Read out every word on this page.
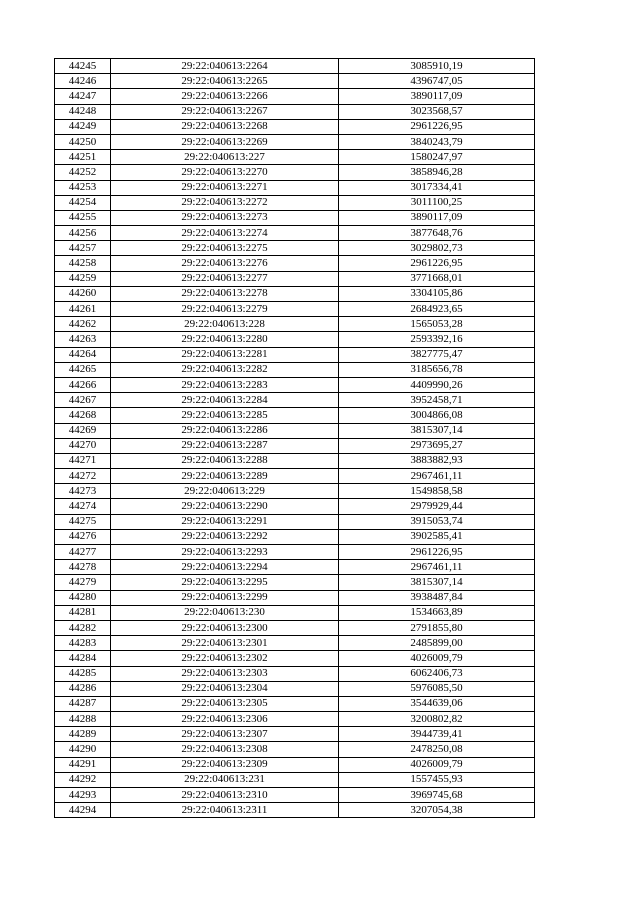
44245	29:22:040613:2264	3085910,19
44246	29:22:040613:2265	4396747,05
44247	29:22:040613:2266	3890117,09
44248	29:22:040613:2267	3023568,57
44249	29:22:040613:2268	2961226,95
44250	29:22:040613:2269	3840243,79
44251	29:22:040613:227	1580247,97
44252	29:22:040613:2270	3858946,28
44253	29:22:040613:2271	3017334,41
44254	29:22:040613:2272	3011100,25
44255	29:22:040613:2273	3890117,09
44256	29:22:040613:2274	3877648,76
44257	29:22:040613:2275	3029802,73
44258	29:22:040613:2276	2961226,95
44259	29:22:040613:2277	3771668,01
44260	29:22:040613:2278	3304105,86
44261	29:22:040613:2279	2684923,65
44262	29:22:040613:228	1565053,28
44263	29:22:040613:2280	2593392,16
44264	29:22:040613:2281	3827775,47
44265	29:22:040613:2282	3185656,78
44266	29:22:040613:2283	4409990,26
44267	29:22:040613:2284	3952458,71
44268	29:22:040613:2285	3004866,08
44269	29:22:040613:2286	3815307,14
44270	29:22:040613:2287	2973695,27
44271	29:22:040613:2288	3883882,93
44272	29:22:040613:2289	2967461,11
44273	29:22:040613:229	1549858,58
44274	29:22:040613:2290	2979929,44
44275	29:22:040613:2291	3915053,74
44276	29:22:040613:2292	3902585,41
44277	29:22:040613:2293	2961226,95
44278	29:22:040613:2294	2967461,11
44279	29:22:040613:2295	3815307,14
44280	29:22:040613:2299	3938487,84
44281	29:22:040613:230	1534663,89
44282	29:22:040613:2300	2791855,80
44283	29:22:040613:2301	2485899,00
44284	29:22:040613:2302	4026009,79
44285	29:22:040613:2303	6062406,73
44286	29:22:040613:2304	5976085,50
44287	29:22:040613:2305	3544639,06
44288	29:22:040613:2306	3200802,82
44289	29:22:040613:2307	3944739,41
44290	29:22:040613:2308	2478250,08
44291	29:22:040613:2309	4026009,79
44292	29:22:040613:231	1557455,93
44293	29:22:040613:2310	3969745,68
44294	29:22:040613:2311	3207054,38
